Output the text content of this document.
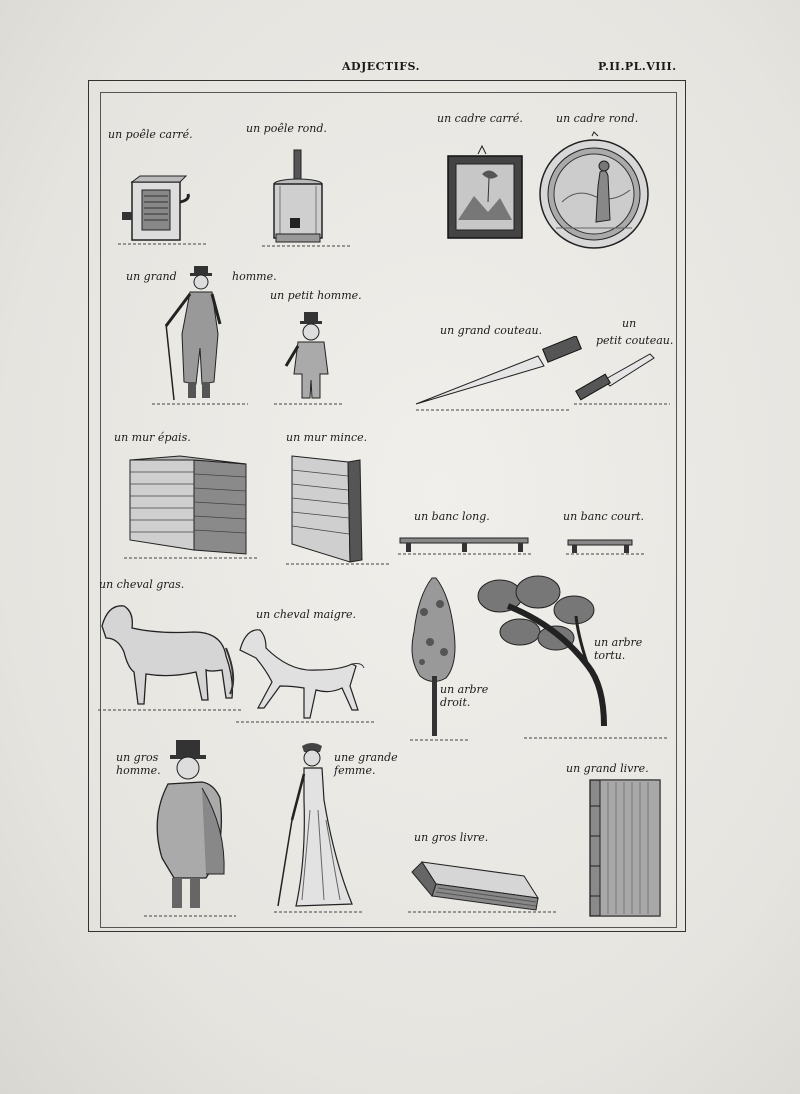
ADJECTIFS.	P.II.PL.VIII.
un poêle carré.	un poêle rond.
un cadre carré.	un cadre rond.
un grand	homme.
un petit homme.
un grand couteau.
un
petit couteau.
un mur épais.	un mur mince.
un banc long.	un banc court.
un cheval gras.
un cheval maigre.
un arbre
droit.
un arbre
tortu.
un gros
homme.
une grande
femme.
un gros livre.
un grand livre.
